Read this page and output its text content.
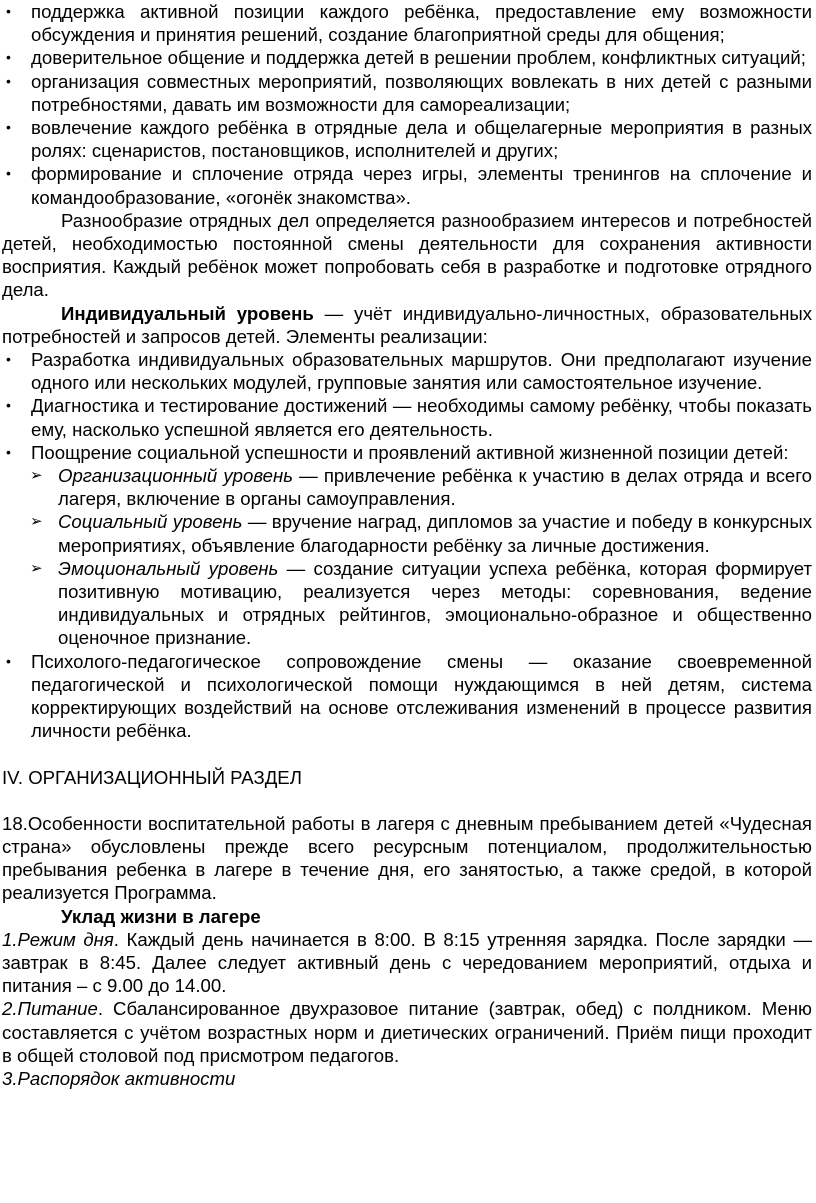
• поддержка активной позиции каждого ребёнка, предоставление ему возможности обсуждения и принятия решений, создание благоприятной среды для общения;
• доверительное общение и поддержка детей в решении проблем, конфликтных ситуаций;
• организация совместных мероприятий, позволяющих вовлекать в них детей с разными потребностями, давать им возможности для самореализации;
• вовлечение каждого ребёнка в отрядные дела и общелагерные мероприятия в разных ролях: сценаристов, постановщиков, исполнителей и других;
• формирование и сплочение отряда через игры, элементы тренингов на сплочение и командообразование, «огонёк знакомства».

Разнообразие отрядных дел определяется разнообразием интересов и потребностей детей, необходимостью постоянной смены деятельности для сохранения активности восприятия. Каждый ребёнок может попробовать себя в разработке и подготовке отрядного дела.

Индивидуальный уровень — учёт индивидуально-личностных, образовательных потребностей и запросов детей. Элементы реализации:

• Разработка индивидуальных образовательных маршрутов. Они предполагают изучение одного или нескольких модулей, групповые занятия или самостоятельное изучение.
• Диагностика и тестирование достижений — необходимы самому ребёнку, чтобы показать ему, насколько успешной является его деятельность.
• Поощрение социальной успешности и проявлений активной жизненной позиции детей:
➢ Организационный уровень — привлечение ребёнка к участию в делах отряда и всего лагеря, включение в органы самоуправления.
➢ Социальный уровень — вручение наград, дипломов за участие и победу в конкурсных мероприятиях, объявление благодарности ребёнку за личные достижения.
➢ Эмоциональный уровень — создание ситуации успеха ребёнка, которая формирует позитивную мотивацию, реализуется через методы: соревнования, ведение индивидуальных и отрядных рейтингов, эмоционально-образное и общественно оценочное признание.
• Психолого-педагогическое сопровождение смены — оказание своевременной педагогической и психологической помощи нуждающимся в ней детям, система корректирующих воздействий на основе отслеживания изменений в процессе развития личности ребёнка.

IV. ОРГАНИЗАЦИОННЫЙ РАЗДЕЛ

18.Особенности воспитательной работы в лагеря с дневным пребыванием детей «Чудесная страна» обусловлены прежде всего ресурсным потенциалом, продолжительностью пребывания ребенка в лагере в течение дня, его занятостью, а также средой, в которой реализуется Программа.

Уклад жизни в лагере

1.Режим дня. Каждый день начинается в 8:00. В 8:15 утренняя зарядка. После зарядки — завтрак в 8:45. Далее следует активный день с чередованием мероприятий, отдыха и питания – с 9.00 до 14.00.

2.Питание. Сбалансированное двухразовое питание (завтрак, обед) с полдником. Меню составляется с учётом возрастных норм и диетических ограничений. Приём пищи проходит в общей столовой под присмотром педагогов.

3.Распорядок активности
